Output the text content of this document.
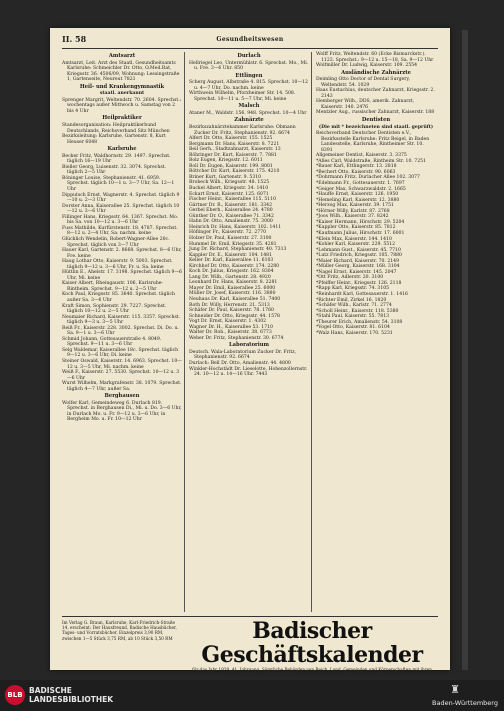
II. 58	Gesundheitswesen
Amtsarzt

Amtsarzt, Leit. Arzt des Staatl. Gesundheitsamts Karlsruhe: Schmeichler Dr. Otto, O.Med.Rat, Kriegsstr. 36. 4506/09, Wohnung: Lessingstraße 1, Gartenseite, Neureut 7821

Heil- und Krankengymnastik
staatl. anerkannt

Sprenger Margrit, Weltendstr. 70. 2604. Sprechst.: wochentags außer Mittwoch u. Samstag von 2 bis 4 Uhr

Heilpraktiker

Standesorganisation: Heilpraktikerbund Deutschlands, Reichsverband Sitz München

Bezirksleitung: Karlsruhe, Gartenstr. 8, Kurt Heuser 6048

Karlsruhe

Becker Fritz, Waldhornstr. 29. 1497. Sprechst. täglich 16—19 Uhr

Bieller Georg, Luisenstr. 32. 3074. Sprechst. täglich 2—5 Uhr

Böninger Louise, Stephanienstr. 41. 6959. Sprechst. täglich 10—1 u. 3—7 Uhr, Sa. 12—1 Uhr

Dipputsch Ernst, Wagnerstr. 4. Sprechst. täglich 9—10 u. 2—3 Uhr

Dorster Anna, Kaiserallee 25. Sprechst. täglich 10—12 u. 3—6 Uhr

Fillinger Hans, Kriegsstr. 64. 1367. Sprechst. Mo. bis Sa. von 10—12 u. 3—6 Uhr

Fuss Mathilde, Kurfürstenstr. 18. 4787. Sprechst. 8—12 u. 2—4 Uhr, Sa. nachm. keine

Glücklich Wendelin, Robert-Wagner-Allee 20c. Sprechst. täglich von 3—7 Uhr

Hauer Karl, Gartenstr. 2. 8668. Sprechst. 8—6 Uhr, Fre. keine

Haug Lothar Otto, Kaiserstr. 9. 5003. Sprechst. täglich 9—12 u. 3—6 Uhr, Fr. u. Sa. keine

Hüttlin E., Ahelstr. 17. 3198. Sprechst. täglich 9—6 Uhr, Mi. keine

Kaiser Albert, Rheingaustr. 106, Karlsruhe-Rintheim. Sprechst. 9—12 u. 2—5 Uhr

Koch Paul, Kriegsstr. 85. 3640. Sprechst. täglich außer Sa. 3—6 Uhr

Kraft Simon, Sophienstr. 29. 7227. Sprechst. täglich 10—12 u. 2—5 Uhr

Neumaier Richard, Kaiserstr. 115. 3357. Sprechst. täglich 9—3 u. 3—5 Uhr

Reiß Fr., Kaiserstr. 228. 3002. Sprechst. Di. Do. u. Sa. 9—1 u. 3—6 Uhr

Schmid Johann, Gottesauerstraße 4. 8049. Sprechst. 9—11 u. 3—6 Uhr

Selg Waldemar, Kaiserallee 18c. Sprechst. täglich 9—12 u. 3—6 Uhr, Di. keine

Steiner Oswald, Kaiserstr. 14. 6963. Sprechst. 10—12 u. 3—5 Uhr, Mi. nachm. keine

Weiß F., Kaiserstr. 27. 5530. Sprechst. 10—12 u. 3—6 Uhr

Wurst Wilhelm, Markgrafenstr. 38. 1079. Sprechst. täglich 4—7 Uhr, außer Sa.

Berghausen

Wolfer Karl, Gemeindeweg 6. Durlach 819. Sprechst. in Berghausen Di., Mi. u. Do. 3—6 Uhr, in Durlach Mo. u. Fr. 9—12 u. 3—6 Uhr, in Bergheim Mo. u. Fr. 10—12 Uhr

Durlach

Hellriegel Leo, Untermühlstr. 6. Sprechst. Mo., Mi. u. Fre. 3—6 Uhr. 850

Ettlingen

Scherg August, Albstraße 4. 815. Sprechst. 10—12 u. 4—7 Uhr, Do. nachm. keine

Wirthwein Wilhelm, Pforzheimer Str. 14. 508. Sprechst. 10—11 u. 5—7 Uhr, Mi. keine

Malsch

Ataner M., Waldstr. 156. 948. Sprechst. 10—4 Uhr

Zahnärzte

Bezirkszahnärztekammer Karlsruhe: Obmann Zucker Dr. Fritz, Stephanienstr. 92. 6674

Alfert Dr. Otto, Kaiserstr. 155. 1525

Bergmann Dr. Hans, Kaiserstr. 8. 7221

Beil Gerh., Stadtzahnarzt, Kaiserstr. 13

Böhringer Dr. Kurt, Kaiserstr. 7. 7881

Bolz Eugen, Kriegsstr. 12. 6011

Boll Dr. Eugen, Kaiserstr. 199. 8001

Böttcher Dr. Kurt, Kaiserstr. 175. 4210

Briner Kurt, Gartenstr. 9. 5310

Brobeck Wilh., Kriegsstr. 48. 1525

Buckel Albert, Kriegsstr. 34. 1410

Eckart Ernst, Kaiserstr. 125. 6071

Fischer Heinr., Kaiserallee 115. 5110

Gärtner Dr. R., Kaiserstr. 181. 3342

Gerbel Eberh., Kaiserallee 24. 4780

Günther Dr. O., Kaiserallee 71. 3342

Hahn Dr. Otto, Amalienstr. 75. 3000

Heinrich Dr. Hans, Kaiserstr. 102. 1411

Höflinger Fr., Kaiserstr. 72. 2770

Holzer Dr. Paul, Kaiserstr. 27. 3100

Hummel Dr. Emil, Kriegsstr. 35. 4281

Jung Dr. Richard, Stephanienstr. 40. 7313

Kappler Dr. E., Kaiserstr. 104. 1481

Keller Dr. Karl, Kaiserallee 11. 6103

Kirchhof Dr. Otto, Kaiserstr. 174. 2280

Koch Dr. Julius, Kriegsstr. 162. 8304

Lang Dr. Wilh., Gartenstr. 28. 4920

Leonhard Dr. Hans, Kaiserstr. 8. 2281

Mayer Dr. Emil, Kaiserallee 25. 6000

Müller Dr. Josef, Kaiserstr. 116. 3880

Neuhaus Dr. Karl, Kaiserallee 51. 7400

Roth Dr. Willy, Herrenstr. 21. 5313

Schäfer Dr. Paul, Kaiserstr. 78. 1760

Schneider Dr. Otto, Kriegsstr. 44. 1578

Vogt Dr. Ernst, Kaiserstr. 1. 4302

Wagner Dr. H., Kaiserallee 53. 1710

Walter Dr. Rob., Kaiserstr. 38. 6773

Weber Dr. Fritz, Stephanienstr. 30. 6774

Laboratorium

Deutsch. Wala-Laboratorium Zucker Dr. Fritz, Stephanienstr. 92. 6674

Durlach: Bell Dr. Otto, Amalienstr. 44. 4800

Winkler-Hochstädt Dr. Lieselotte, Hohenzollernstr. 24. 10—12 u. 14—16 Uhr. 7443

Wolff Fritz, Weltendstr. 60 (Ecke Bismarckstr.). 1123. Sprechst.: 9—12 u. 15—18, Sa. 9—12 Uhr

Wolfmiller Dr. Ludwig, Kaiserstr. 109. 2554

Ausländische Zahnärzte

Deimling Otto Doctor of Dental Surgery, Weltendstr. 54. 1029

Haas Eustachius, deutscher Zahnarzt, Kriegsstr. 2. 2143

Hemberger Wilh., DDS, amerik. Zahnarzt, Kaiserstr. 140. 2476

Mentzler Aug., russischer Zahnarzt, Kaiserstr. 188

Dentisten
(Die mit * bezeichneten sind staatl. geprüft)

Reichsverband Deutscher Dentisten e.V., Bezirksstelle Karlsruhe: Fritz Beigel, in Baden Landesstelle, Karlsruhe, Rintheimer Str. 10. 8391

Allgemeiner Dentist, Kaiserstr. 3. 3375

*Alles Carl, Waldstraße, Rintheim Str. 10. 7251

*Bauer Karl, Ettlingerstr. 13. 2818

*Bechert Otto, Kaiserstr. 90. 6063

*Dohrmann Fritz, Durlacher Allee 102. 3077

*Edelmann Fr., Gottesauerstr. 1. 7697

*Geiger Max, Schwarzwaldstr. 2. 1665

*Hauffe Ernst, Kaiserstr. 126. 1950

*Hemeling Karl, Kaiserstr. 12. 3880

*Herzog Max, Kaiserstr. 39. 1751

*Hörner Willy, Karlstr. 87. 2768

*Joos Wilh., Kaiserstr. 37. 8242

*Kaiser Hermann, Hirschstr. 29. 5204

*Kappler Otto, Kaiserstr. 85. 7812

*Kaufmann Julius, Hirschstr. 17. 6001

*Klein Max, Kaiserstr. 144. 1410

*Kohler Karl, Kaiserstr. 229. 5512

*Lehmann Gust., Kaiserstr. 45. 7710

*Lutz Friedrich, Kriegsstr. 105. 7880

*Maier Richard, Kaiserstr. 70. 2149

*Müller Georg, Kaiserstr. 168. 3104

*Nagel Ernst, Kaiserstr. 145. 2047

*Ott Fritz, Adlerstr. 20. 3100

*Pfeiffer Heinr., Kriegsstr. 126. 2118

*Rapp Karl, Kriegsstr. 74. 3105

*Reinhardt Karl, Gottesauerstr. 1. 1416

*Richter Emil, Zirkel 16. 1820

*Schäfer Wilh., Karlstr. 71. 2774

*Scholl Heinr., Kaiserstr. 118. 5380

*Stahl Paul, Kaiserstr. 55. 7813

*Theurer Erich, Amalienstr. 54. 3108

*Vogel Otto, Kaiserstr. 81. 6104

*Walz Hans, Kaiserstr. 170. 5231

Im Verlag G. Braun, Karlsruhe, Karl-Friedrich-Straße 14, erscheint: Der Hausfreund, Badische Hausbücher, Tages- und Vorratsbücher, Einzelpreis 3,90 RM, zwischen 1—5 Stück 3,75 RM, ab 10 Stück 3,50 RM	Badischer Geschäftskalender
für das Jahr 1939, 41. Jahrgang. Sämtliche Behörden von Reich, Land, Gemeinden und Körperschaften mit ihren Beamten; über 1000 Seiten mit ausführlichem Adressenteil und Branchenverzeichnis
BLB BADISCHE
LANDESBIBLIOTHEK
♜
Baden-Württemberg
